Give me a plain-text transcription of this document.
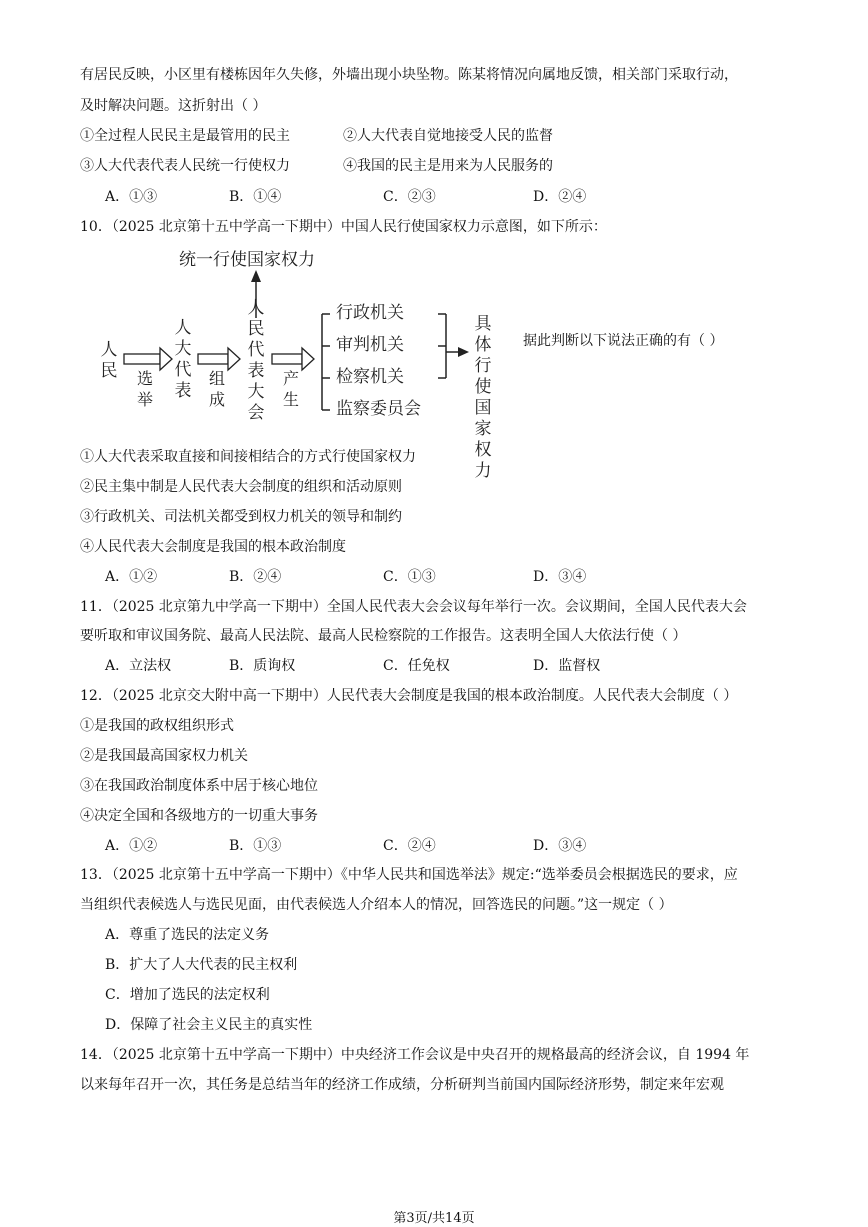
有居民反映，小区里有楼栋因年久失修，外墙出现小块坠物。陈某将情况向属地反馈，相关部门采取行动，
及时解决问题。这折射出（ ）
①全过程人民民主是最管用的民主	②人大代表自觉地接受人民的监督
③人大代表代表人民统一行使权力	④我国的民主是用来为人民服务的
A．①③	B．①④	C．②③	D．②④
10．（2025 北京第十五中学高一下期中）中国人民行使国家权力示意图，如下所示：
统一行使国家权力
人民 选举
人大代表
组成
人民代表大会
产生
行政机关
审判机关
检察机关
监察委员会
具体行使国家权力
据此判断以下说法正确的有（ ）
①人大代表采取直接和间接相结合的方式行使国家权力
②民主集中制是人民代表大会制度的组织和活动原则
③行政机关、司法机关都受到权力机关的领导和制约
④人民代表大会制度是我国的根本政治制度
A．①②	B．②④	C．①③	D．③④
11．（2025 北京第九中学高一下期中）全国人民代表大会会议每年举行一次。会议期间，全国人民代表大会
要听取和审议国务院、最高人民法院、最高人民检察院的工作报告。这表明全国人大依法行使（ ）
A．立法权	B．质询权	C．任免权	D．监督权
12．（2025 北京交大附中高一下期中）人民代表大会制度是我国的根本政治制度。人民代表大会制度（ ）
①是我国的政权组织形式
②是我国最高国家权力机关
③在我国政治制度体系中居于核心地位
④决定全国和各级地方的一切重大事务
A．①②	B．①③	C．②④	D．③④
13．（2025 北京第十五中学高一下期中）《中华人民共和国选举法》规定:“选举委员会根据选民的要求，应
当组织代表候选人与选民见面，由代表候选人介绍本人的情况，回答选民的问题。”这一规定（ ）
A．尊重了选民的法定义务
B．扩大了人大代表的民主权利
C．增加了选民的法定权利
D．保障了社会主义民主的真实性
14．（2025 北京第十五中学高一下期中）中央经济工作会议是中央召开的规格最高的经济会议，自 1994 年
以来每年召开一次，其任务是总结当年的经济工作成绩，分析研判当前国内国际经济形势，制定来年宏观
第3页/共14页
